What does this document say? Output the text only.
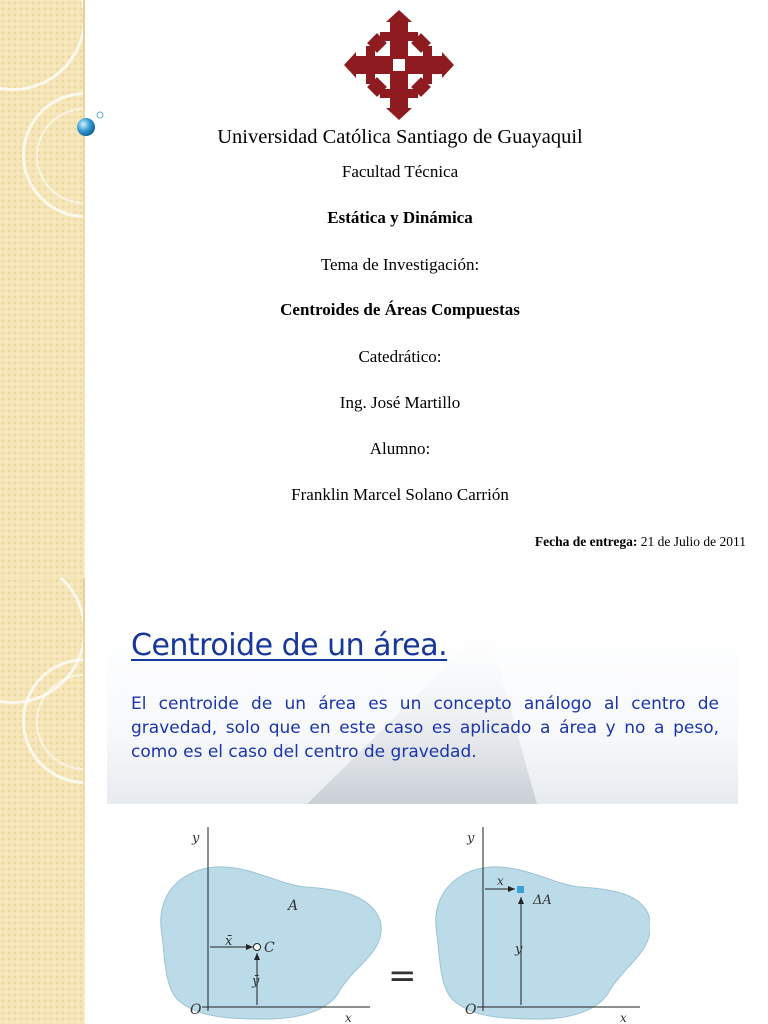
Universidad Católica Santiago de Guayaquil
Facultad Técnica
Estática y Dinámica
Tema de Investigación:
Centroides de Áreas Compuestas
Catedrático:
Ing. José Martillo
Alumno:
Franklin Marcel Solano Carrión
Fecha de entrega: 21 de Julio de 2011
Centroide de un área.
El centroide de un área es un concepto análogo al centro de gravedad, solo que en este caso es aplicado a área y no a peso, como es el caso del centro de gravedad.
y
x
O
A
x̄ C
ȳ	=
y
x
O
x
y
ΔA
